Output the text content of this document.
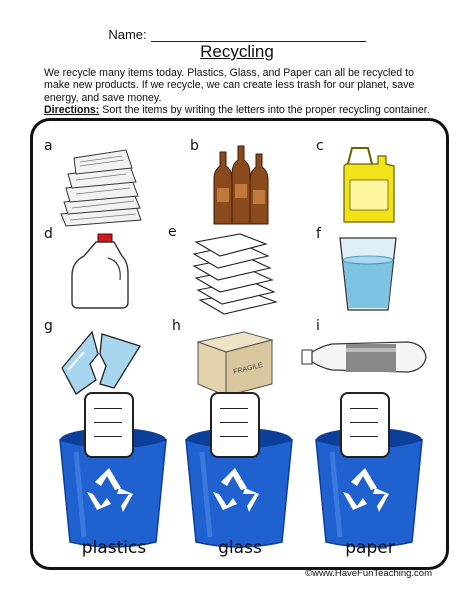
Name:
Recycling
We recycle many items today. Plastics, Glass, and Paper can all be recycled to make new products. If we recycle, we can create less trash for our planet, save energy, and save money.
Directions: Sort the items by writing the letters into the proper recycling container.
a	b	c
d	e	f
g	h
FRAGILE
i
plastics	glass	paper
©www.HaveFunTeaching.com
